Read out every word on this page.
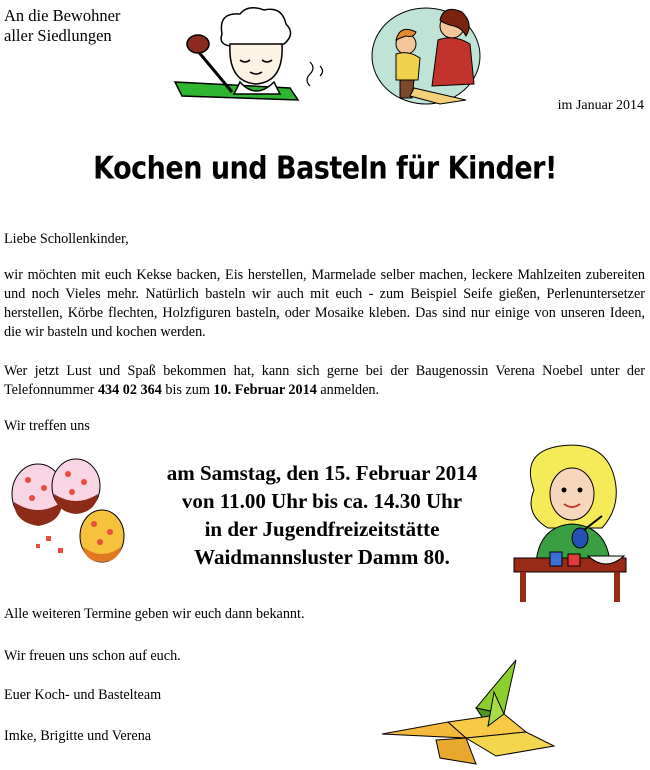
An die Bewohner
aller Siedlungen
im Januar 2014
Kochen und Basteln für Kinder!
Liebe Schollenkinder,
wir möchten mit euch Kekse backen, Eis herstellen, Marmelade selber machen, leckere Mahlzeiten zubereiten und noch Vieles mehr. Natürlich basteln wir auch mit euch - zum Beispiel Seife gießen, Perlenuntersetzer herstellen, Körbe flechten, Holzfiguren basteln, oder Mosaike kleben. Das sind nur einige von unseren Ideen, die wir basteln und kochen werden.
Wer jetzt Lust und Spaß bekommen hat, kann sich gerne bei der Baugenossin Verena Noebel unter der Telefonnummer 434 02 364 bis zum 10. Februar 2014 anmelden.
Wir treffen uns
am Samstag, den 15. Februar 2014
von 11.00 Uhr bis ca. 14.30 Uhr
in der Jugendfreizeitstätte
Waidmannsluster Damm 80.
Alle weiteren Termine geben wir euch dann bekannt.
Wir freuen uns schon auf euch.
Euer Koch- und Bastelteam
Imke, Brigitte und Verena
